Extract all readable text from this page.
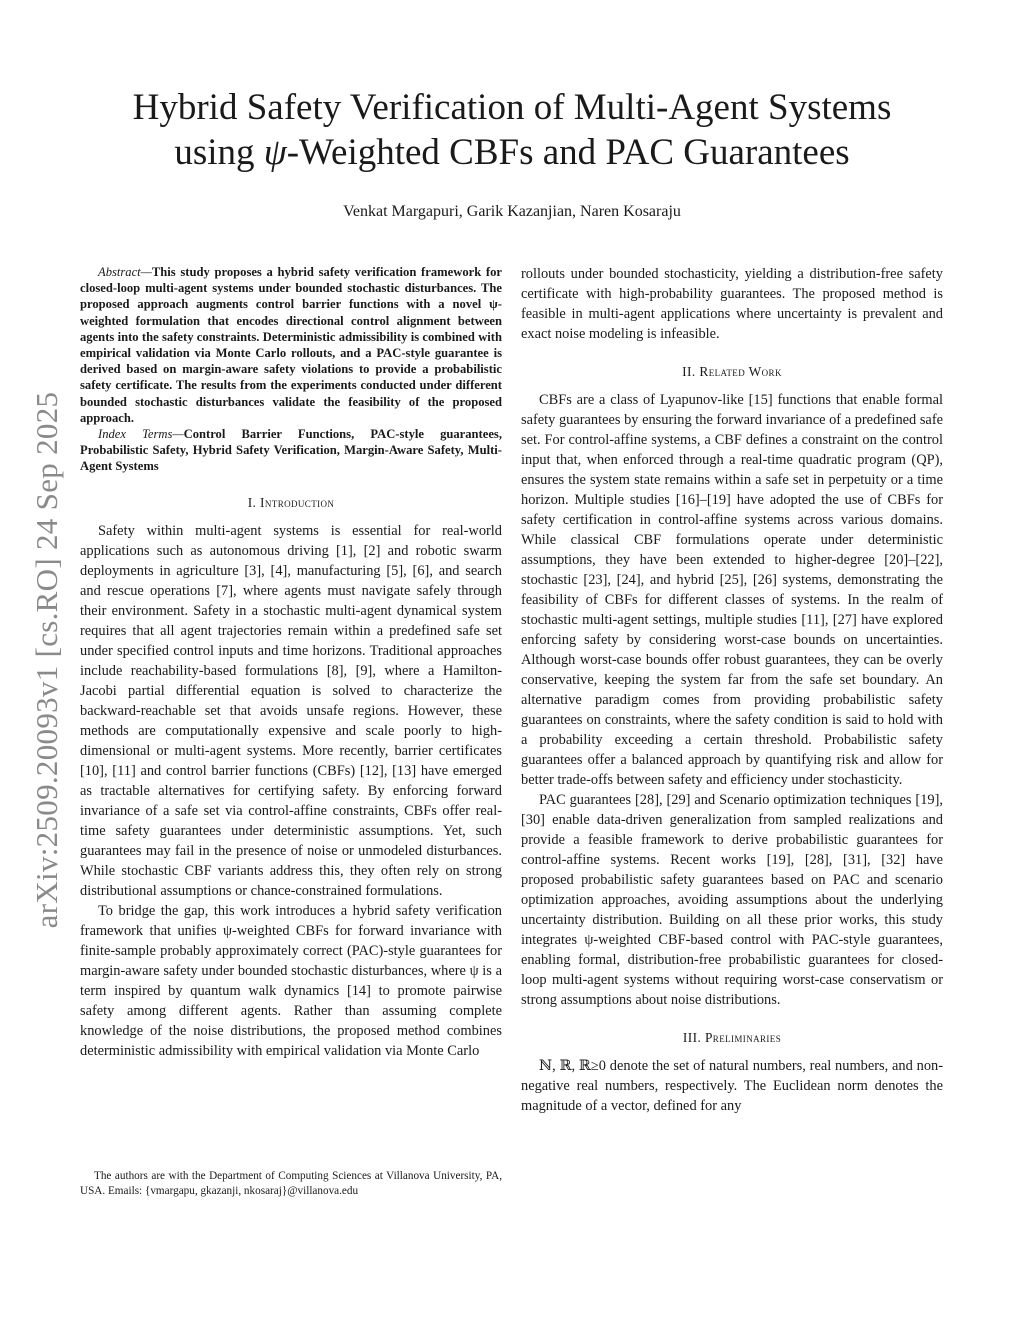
arXiv:2509.20093v1 [cs.RO] 24 Sep 2025
Hybrid Safety Verification of Multi-Agent Systems
using ψ-Weighted CBFs and PAC Guarantees
Venkat Margapuri, Garik Kazanjian, Naren Kosaraju

Abstract—This study proposes a hybrid safety verification framework for closed-loop multi-agent systems under bounded stochastic disturbances. The proposed approach augments control barrier functions with a novel ψ-weighted formulation that encodes directional control alignment between agents into the safety constraints. Deterministic admissibility is combined with empirical validation via Monte Carlo rollouts, and a PAC-style guarantee is derived based on margin-aware safety violations to provide a probabilistic safety certificate. The results from the experiments conducted under different bounded stochastic disturbances validate the feasibility of the proposed approach.

Index Terms—Control Barrier Functions, PAC-style guarantees, Probabilistic Safety, Hybrid Safety Verification, Margin-Aware Safety, Multi-Agent Systems

I. Introduction

Safety within multi-agent systems is essential for real-world applications such as autonomous driving [1], [2] and robotic swarm deployments in agriculture [3], [4], manufacturing [5], [6], and search and rescue operations [7], where agents must navigate safely through their environment. Safety in a stochastic multi-agent dynamical system requires that all agent trajectories remain within a predefined safe set under specified control inputs and time horizons. Traditional approaches include reachability-based formulations [8], [9], where a Hamilton-Jacobi partial differential equation is solved to characterize the backward-reachable set that avoids unsafe regions. However, these methods are computationally expensive and scale poorly to high-dimensional or multi-agent systems. More recently, barrier certificates [10], [11] and control barrier functions (CBFs) [12], [13] have emerged as tractable alternatives for certifying safety. By enforcing forward invariance of a safe set via control-affine constraints, CBFs offer real-time safety guarantees under deterministic assumptions. Yet, such guarantees may fail in the presence of noise or unmodeled disturbances. While stochastic CBF variants address this, they often rely on strong distributional assumptions or chance-constrained formulations.

To bridge the gap, this work introduces a hybrid safety verification framework that unifies ψ-weighted CBFs for forward invariance with finite-sample probably approximately correct (PAC)-style guarantees for margin-aware safety under bounded stochastic disturbances, where ψ is a term inspired by quantum walk dynamics [14] to promote pairwise safety among different agents. Rather than assuming complete knowledge of the noise distributions, the proposed method combines deterministic admissibility with empirical validation via Monte Carlo

The authors are with the Department of Computing Sciences at Villanova University, PA, USA. Emails: {vmargapu, gkazanji, nkosaraj}@villanova.edu

rollouts under bounded stochasticity, yielding a distribution-free safety certificate with high-probability guarantees. The proposed method is feasible in multi-agent applications where uncertainty is prevalent and exact noise modeling is infeasible.

II. Related Work

CBFs are a class of Lyapunov-like [15] functions that enable formal safety guarantees by ensuring the forward invariance of a predefined safe set. For control-affine systems, a CBF defines a constraint on the control input that, when enforced through a real-time quadratic program (QP), ensures the system state remains within a safe set in perpetuity or a time horizon. Multiple studies [16]–[19] have adopted the use of CBFs for safety certification in control-affine systems across various domains. While classical CBF formulations operate under deterministic assumptions, they have been extended to higher-degree [20]–[22], stochastic [23], [24], and hybrid [25], [26] systems, demonstrating the feasibility of CBFs for different classes of systems. In the realm of stochastic multi-agent settings, multiple studies [11], [27] have explored enforcing safety by considering worst-case bounds on uncertainties. Although worst-case bounds offer robust guarantees, they can be overly conservative, keeping the system far from the safe set boundary. An alternative paradigm comes from providing probabilistic safety guarantees on constraints, where the safety condition is said to hold with a probability exceeding a certain threshold. Probabilistic safety guarantees offer a balanced approach by quantifying risk and allow for better trade-offs between safety and efficiency under stochasticity.

PAC guarantees [28], [29] and Scenario optimization techniques [19], [30] enable data-driven generalization from sampled realizations and provide a feasible framework to derive probabilistic guarantees for control-affine systems. Recent works [19], [28], [31], [32] have proposed probabilistic safety guarantees based on PAC and scenario optimization approaches, avoiding assumptions about the underlying uncertainty distribution. Building on all these prior works, this study integrates ψ-weighted CBF-based control with PAC-style guarantees, enabling formal, distribution-free probabilistic guarantees for closed-loop multi-agent systems without requiring worst-case conservatism or strong assumptions about noise distributions.

III. Preliminaries

ℕ, ℝ, ℝ≥0 denote the set of natural numbers, real numbers, and non-negative real numbers, respectively. The Euclidean norm denotes the magnitude of a vector, defined for any
